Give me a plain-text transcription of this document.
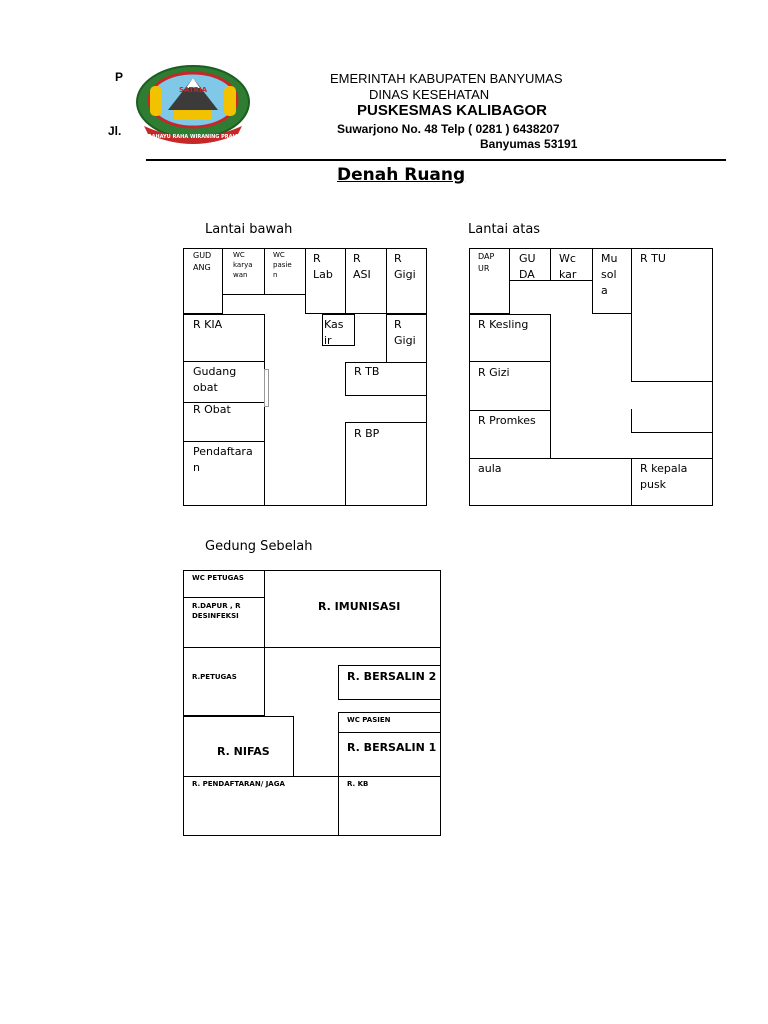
P
Jl.
SATRIA
RAHAYU RAHA WIRANING PRAJA
EMERINTAH KABUPATEN BANYUMAS
DINAS KESEHATAN
PUSKESMAS KALIBAGOR
Suwarjono No. 48 Telp ( 0281 ) 6438207
Banyumas 53191
Denah Ruang
Lantai bawah
GUD
ANG
WC
karya
wan
WC
pasie
n
R
Lab
R
ASI
R
Gigi
R KIA	Kas
ir
R
Gigi
Gudang
obat
R TB
R Obat
R BP
Pendaftara
n
Lantai atas
DAP
UR
GU
DA
Wc
kar
Mu
sol
a
R TU
R Kesling
R Gizi
R Promkes
aula	R kepala
pusk
Gedung Sebelah
WC PETUGAS
R.DAPUR , R
DESINFEKSI
R. IMUNISASI
R.PETUGAS	R. BERSALIN 2
WC PASIEN
R. NIFAS	R. BERSALIN 1
R. PENDAFTARAN/ JAGA	R. KB
